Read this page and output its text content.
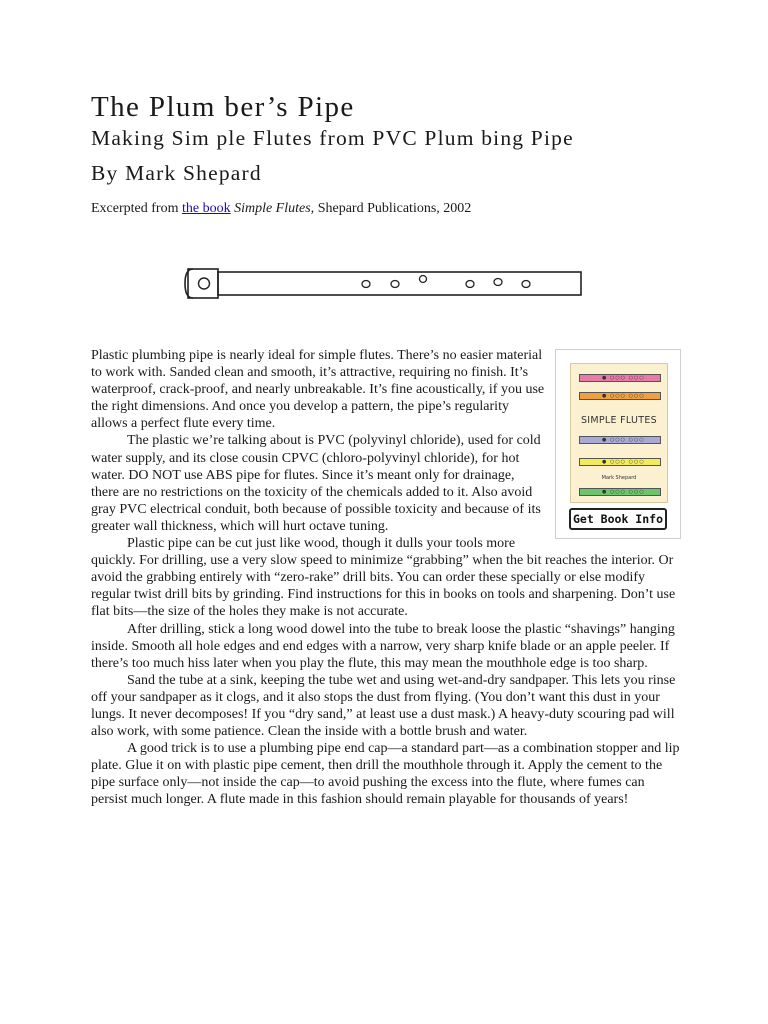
The Plum ber’s Pipe
Making Sim ple Flutes from PVC Plum bing Pipe
By Mark Shepard

Excerpted from the book Simple Flutes, Shepard Publications, 2002

● ○○○ ○○○
● ○○○ ○○○
SIMPLE FLUTES
● ○○○ ○○○
● ○○○ ○○○
Mark Shepard
● ○○○ ○○○
Get Book Info

Plastic plumbing pipe is nearly ideal for simple flutes. There’s no easier material to work with. Sanded clean and smooth, it’s attractive, requiring no finish. It’s waterproof, crack-proof, and nearly unbreakable. It’s fine acoustically, if you use the right dimensions. And once you develop a pattern, the pipe’s regularity allows a perfect flute every time.

The plastic we’re talking about is PVC (polyvinyl chloride), used for cold water supply, and its close cousin CPVC (chloro-polyvinyl chloride), for hot water. DO NOT use ABS pipe for flutes. Since it’s meant only for drainage, there are no restrictions on the toxicity of the chemicals added to it. Also avoid gray PVC electrical conduit, both because of possible toxicity and because of its greater wall thickness, which will hurt octave tuning.

Plastic pipe can be cut just like wood, though it dulls your tools more quickly. For drilling, use a very slow speed to minimize “grabbing” when the bit reaches the interior. Or avoid the grabbing entirely with “zero-rake” drill bits. You can order these specially or else modify regular twist drill bits by grinding. Find instructions for this in books on tools and sharpening. Don’t use flat bits—the size of the holes they make is not accurate.

After drilling, stick a long wood dowel into the tube to break loose the plastic “shavings” hanging inside. Smooth all hole edges and end edges with a narrow, very sharp knife blade or an apple peeler. If there’s too much hiss later when you play the flute, this may mean the mouthhole edge is too sharp.

Sand the tube at a sink, keeping the tube wet and using wet-and-dry sandpaper. This lets you rinse off your sandpaper as it clogs, and it also stops the dust from flying. (You don’t want this dust in your lungs. It never decomposes! If you “dry sand,” at least use a dust mask.) A heavy-duty scouring pad will also work, with some patience. Clean the inside with a bottle brush and water.

A good trick is to use a plumbing pipe end cap—a standard part—as a combination stopper and lip plate. Glue it on with plastic pipe cement, then drill the mouthhole through it. Apply the cement to the pipe surface only—not inside the cap—to avoid pushing the excess into the flute, where fumes can persist much longer. A flute made in this fashion should remain playable for thousands of years!
